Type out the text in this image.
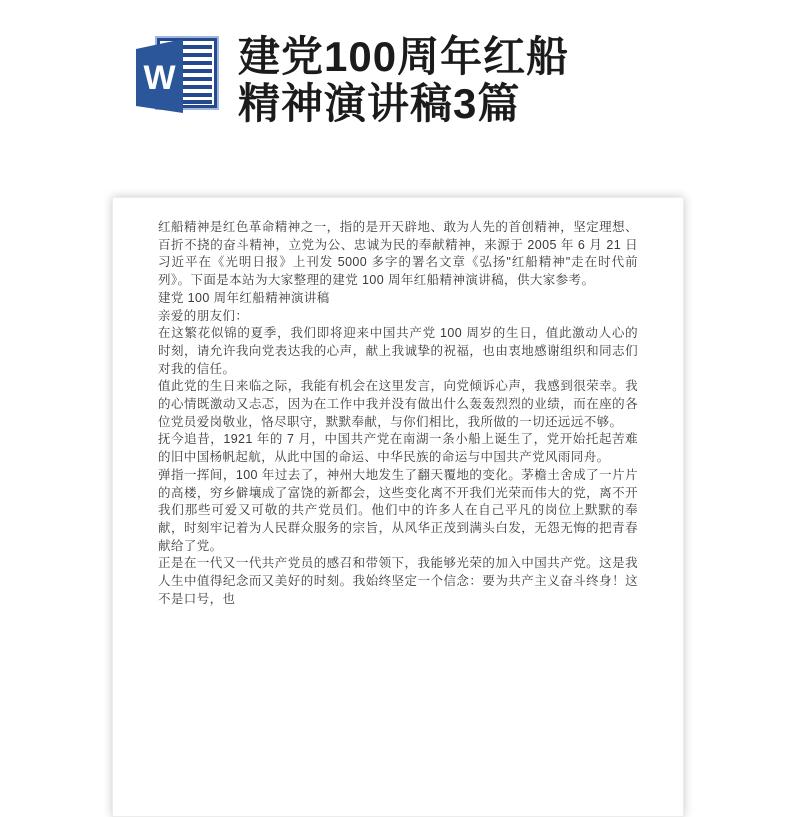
W 建党100周年红船
精神演讲稿3篇
红船精神是红色革命精神之一，指的是开天辟地、敢为人先的首创精神，坚定理想、百折不挠的奋斗精神，立党为公、忠诚为民的奉献精神，来源于 2005 年 6 月 21 日习近平在《光明日报》上刊发 5000 多字的署名文章《弘扬"红船精神"走在时代前列》。下面是本站为大家整理的建党 100 周年红船精神演讲稿，供大家参考。
建党 100 周年红船精神演讲稿
亲爱的朋友们：
在这繁花似锦的夏季，我们即将迎来中国共产党 100 周岁的生日，值此激动人心的时刻，请允许我向党表达我的心声，献上我诚挚的祝福，也由衷地感谢组织和同志们对我的信任。
值此党的生日来临之际，我能有机会在这里发言，向党倾诉心声，我感到很荣幸。我的心情既激动又忐忑，因为在工作中我并没有做出什么轰轰烈烈的业绩，而在座的各位党员爱岗敬业，恪尽职守，默默奉献，与你们相比，我所做的一切还远远不够。
抚今追昔，1921 年的 7 月，中国共产党在南湖一条小船上诞生了，党开始托起苦难的旧中国杨帆起航，从此中国的命运、中华民族的命运与中国共产党风雨同舟。
弹指一挥间，100 年过去了，神州大地发生了翻天覆地的变化。茅檐土舍成了一片片的高楼，穷乡僻壤成了富饶的新都会，这些变化离不开我们光荣而伟大的党，离不开我们那些可爱又可敬的共产党员们。他们中的许多人在自己平凡的岗位上默默的奉献，时刻牢记着为人民群众服务的宗旨，从风华正茂到满头白发，无怨无悔的把青春献给了党。
正是在一代又一代共产党员的感召和带领下，我能够光荣的加入中国共产党。这是我人生中值得纪念而又美好的时刻。我始终坚定一个信念：要为共产主义奋斗终身！这不是口号，也
